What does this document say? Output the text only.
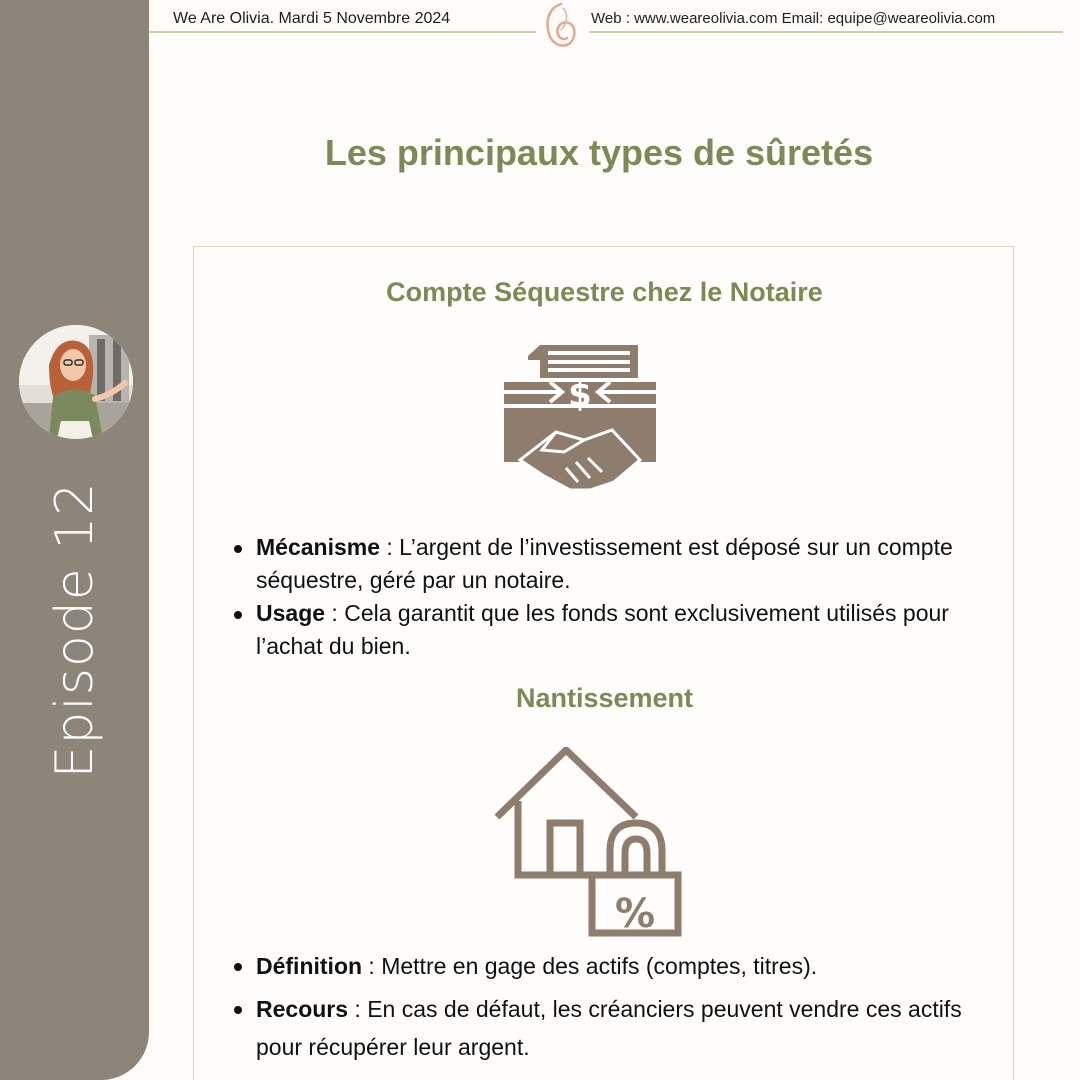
Episode 12
We Are Olivia. Mardi 5 Novembre 2024	Web : www.weareolivia.com Email: equipe@weareolivia.com
Les principaux types de sûretés
Compte Séquestre chez le Notaire
$
Mécanisme : L’argent de l’investissement est déposé sur un compte séquestre, géré par un notaire.
Usage : Cela garantit que les fonds sont exclusivement utilisés pour l’achat du bien.
Nantissement
%
Définition : Mettre en gage des actifs (comptes, titres).
Recours : En cas de défaut, les créanciers peuvent vendre ces actifs pour récupérer leur argent.
